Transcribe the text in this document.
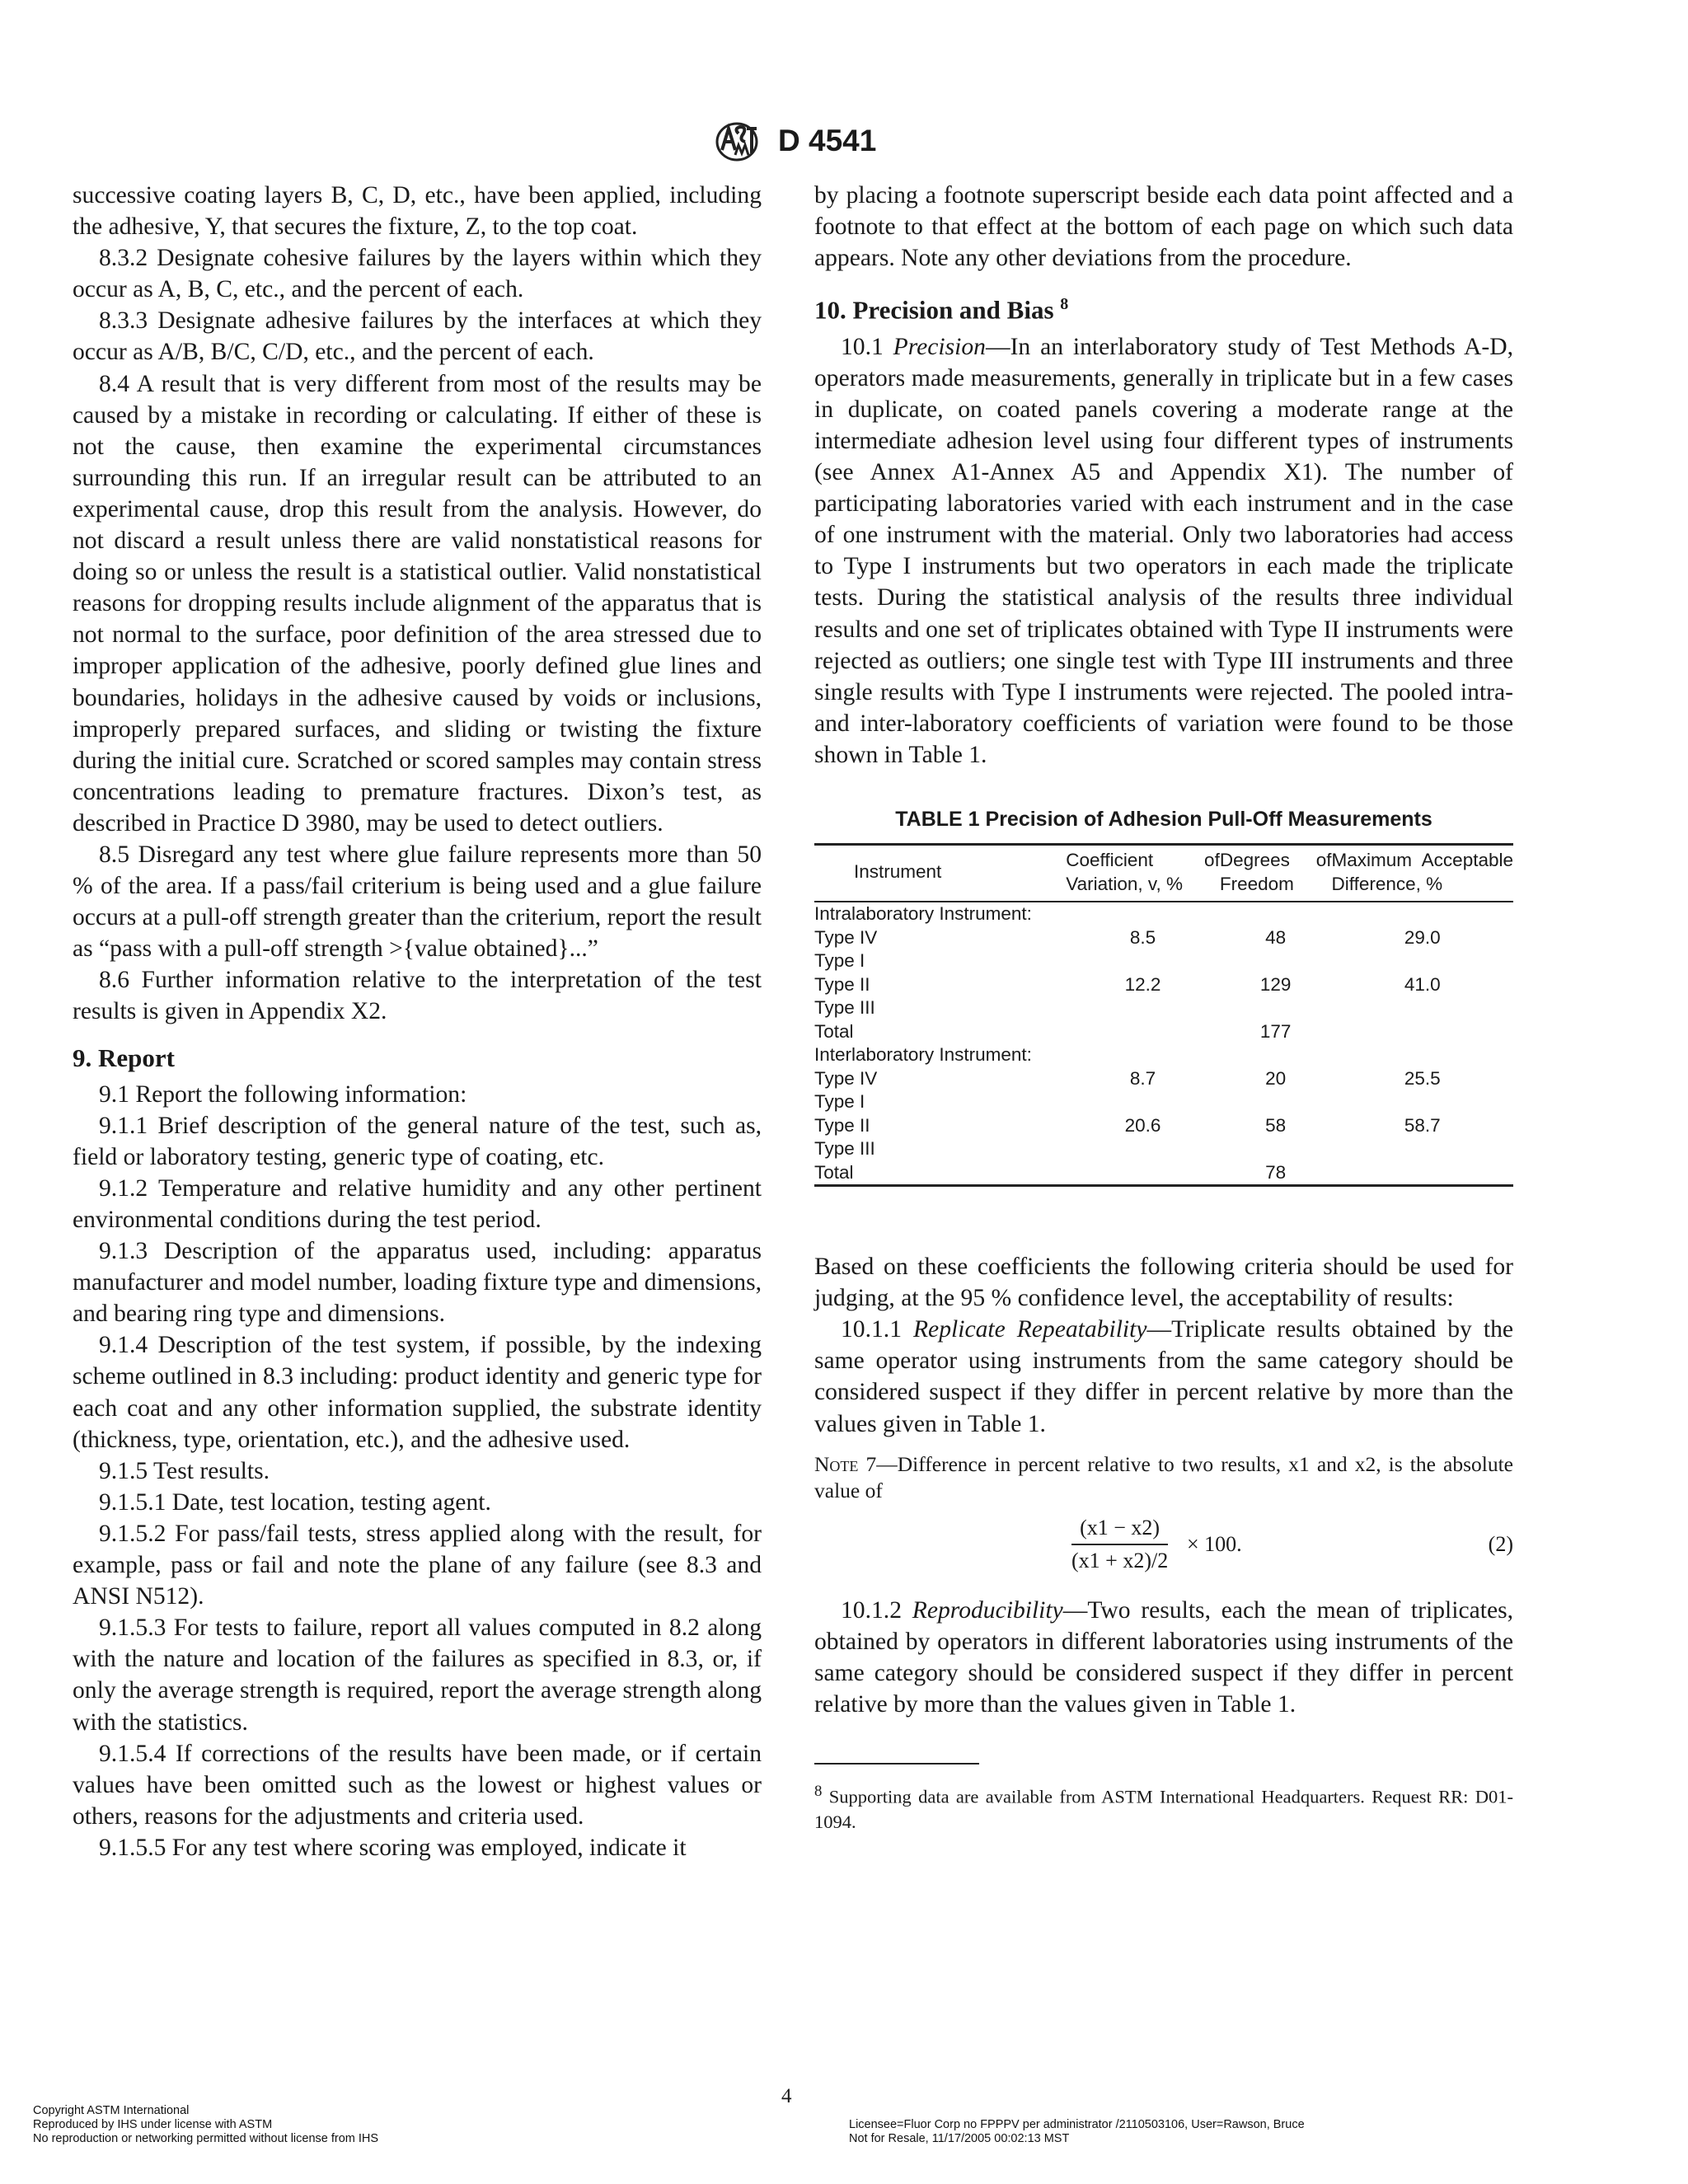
D 4541

successive coating layers B, C, D, etc., have been applied, including the adhesive, Y, that secures the fixture, Z, to the top coat.

8.3.2 Designate cohesive failures by the layers within which they occur as A, B, C, etc., and the percent of each.

8.3.3 Designate adhesive failures by the interfaces at which they occur as A/B, B/C, C/D, etc., and the percent of each.

8.4 A result that is very different from most of the results may be caused by a mistake in recording or calculating. If either of these is not the cause, then examine the experimental circumstances surrounding this run. If an irregular result can be attributed to an experimental cause, drop this result from the analysis. However, do not discard a result unless there are valid nonstatistical reasons for doing so or unless the result is a statistical outlier. Valid nonstatistical reasons for dropping results include alignment of the apparatus that is not normal to the surface, poor definition of the area stressed due to improper application of the adhesive, poorly defined glue lines and boundaries, holidays in the adhesive caused by voids or inclusions, improperly prepared surfaces, and sliding or twisting the fixture during the initial cure. Scratched or scored samples may contain stress concentrations leading to premature fractures. Dixon’s test, as described in Practice D 3980, may be used to detect outliers.

8.5 Disregard any test where glue failure represents more than 50 % of the area. If a pass/fail criterium is being used and a glue failure occurs at a pull-off strength greater than the criterium, report the result as “pass with a pull-off strength >{value obtained}...”

8.6 Further information relative to the interpretation of the test results is given in Appendix X2.

9. Report

9.1 Report the following information:

9.1.1 Brief description of the general nature of the test, such as, field or laboratory testing, generic type of coating, etc.

9.1.2 Temperature and relative humidity and any other pertinent environmental conditions during the test period.

9.1.3 Description of the apparatus used, including: apparatus manufacturer and model number, loading fixture type and dimensions, and bearing ring type and dimensions.

9.1.4 Description of the test system, if possible, by the indexing scheme outlined in 8.3 including: product identity and generic type for each coat and any other information supplied, the substrate identity (thickness, type, orientation, etc.), and the adhesive used.

9.1.5 Test results.

9.1.5.1 Date, test location, testing agent.

9.1.5.2 For pass/fail tests, stress applied along with the result, for example, pass or fail and note the plane of any failure (see 8.3 and ANSI N512).

9.1.5.3 For tests to failure, report all values computed in 8.2 along with the nature and location of the failures as specified in 8.3, or, if only the average strength is required, report the average strength along with the statistics.

9.1.5.4 If corrections of the results have been made, or if certain values have been omitted such as the lowest or highest values or others, reasons for the adjustments and criteria used.

9.1.5.5 For any test where scoring was employed, indicate it

by placing a footnote superscript beside each data point affected and a footnote to that effect at the bottom of each page on which such data appears. Note any other deviations from the procedure.

10. Precision and Bias $^8$

10.1 Precision—In an interlaboratory study of Test Methods A-D, operators made measurements, generally in triplicate but in a few cases in duplicate, on coated panels covering a moderate range at the intermediate adhesion level using four different types of instruments (see Annex A1-Annex A5 and Appendix X1). The number of participating laboratories varied with each instrument and in the case of one instrument with the material. Only two laboratories had access to Type I instruments but two operators in each made the triplicate tests. During the statistical analysis of the results three individual results and one set of triplicates obtained with Type II instruments were rejected as outliers; one single test with Type III instruments and three single results with Type I instruments were rejected. The pooled intra- and inter-laboratory coefficients of variation were found to be those shown in Table 1.

TABLE 1 Precision of Adhesion Pull-Off Measurements
Instrument	Coefficient of Variation, v, %	Degrees of Freedom	Maximum Acceptable Difference, %
Intralaboratory Instrument:			
Type IV	8.5	48	29.0
Type I			
Type II	12.2	129	41.0
Type III			
Total		177	
Interlaboratory Instrument:			
Type IV	8.7	20	25.5
Type I			
Type II	20.6	58	58.7
Type III			
Total		78	

Based on these coefficients the following criteria should be used for judging, at the 95 % confidence level, the acceptability of results:

10.1.1 Replicate Repeatability—Triplicate results obtained by the same operator using instruments from the same category should be considered suspect if they differ in percent relative by more than the values given in Table 1.

Note 7—Difference in percent relative to two results, x1 and x2, is the absolute value of
$\frac{(x1 - x2)}{(x1 + x2)/2} \times 100$.	(2)

10.1.2 Reproducibility—Two results, each the mean of triplicates, obtained by operators in different laboratories using instruments of the same category should be considered suspect if they differ in percent relative by more than the values given in Table 1.

$^8$ Supporting data are available from ASTM International Headquarters. Request RR: D01-1094.
4
Copyright ASTM International
Reproduced by IHS under license with ASTM
No reproduction or networking permitted without license from IHS
Licensee=Fluor Corp no FPPPV per administrator /2110503106, User=Rawson, Bruce
Not for Resale, 11/17/2005 00:02:13 MST
